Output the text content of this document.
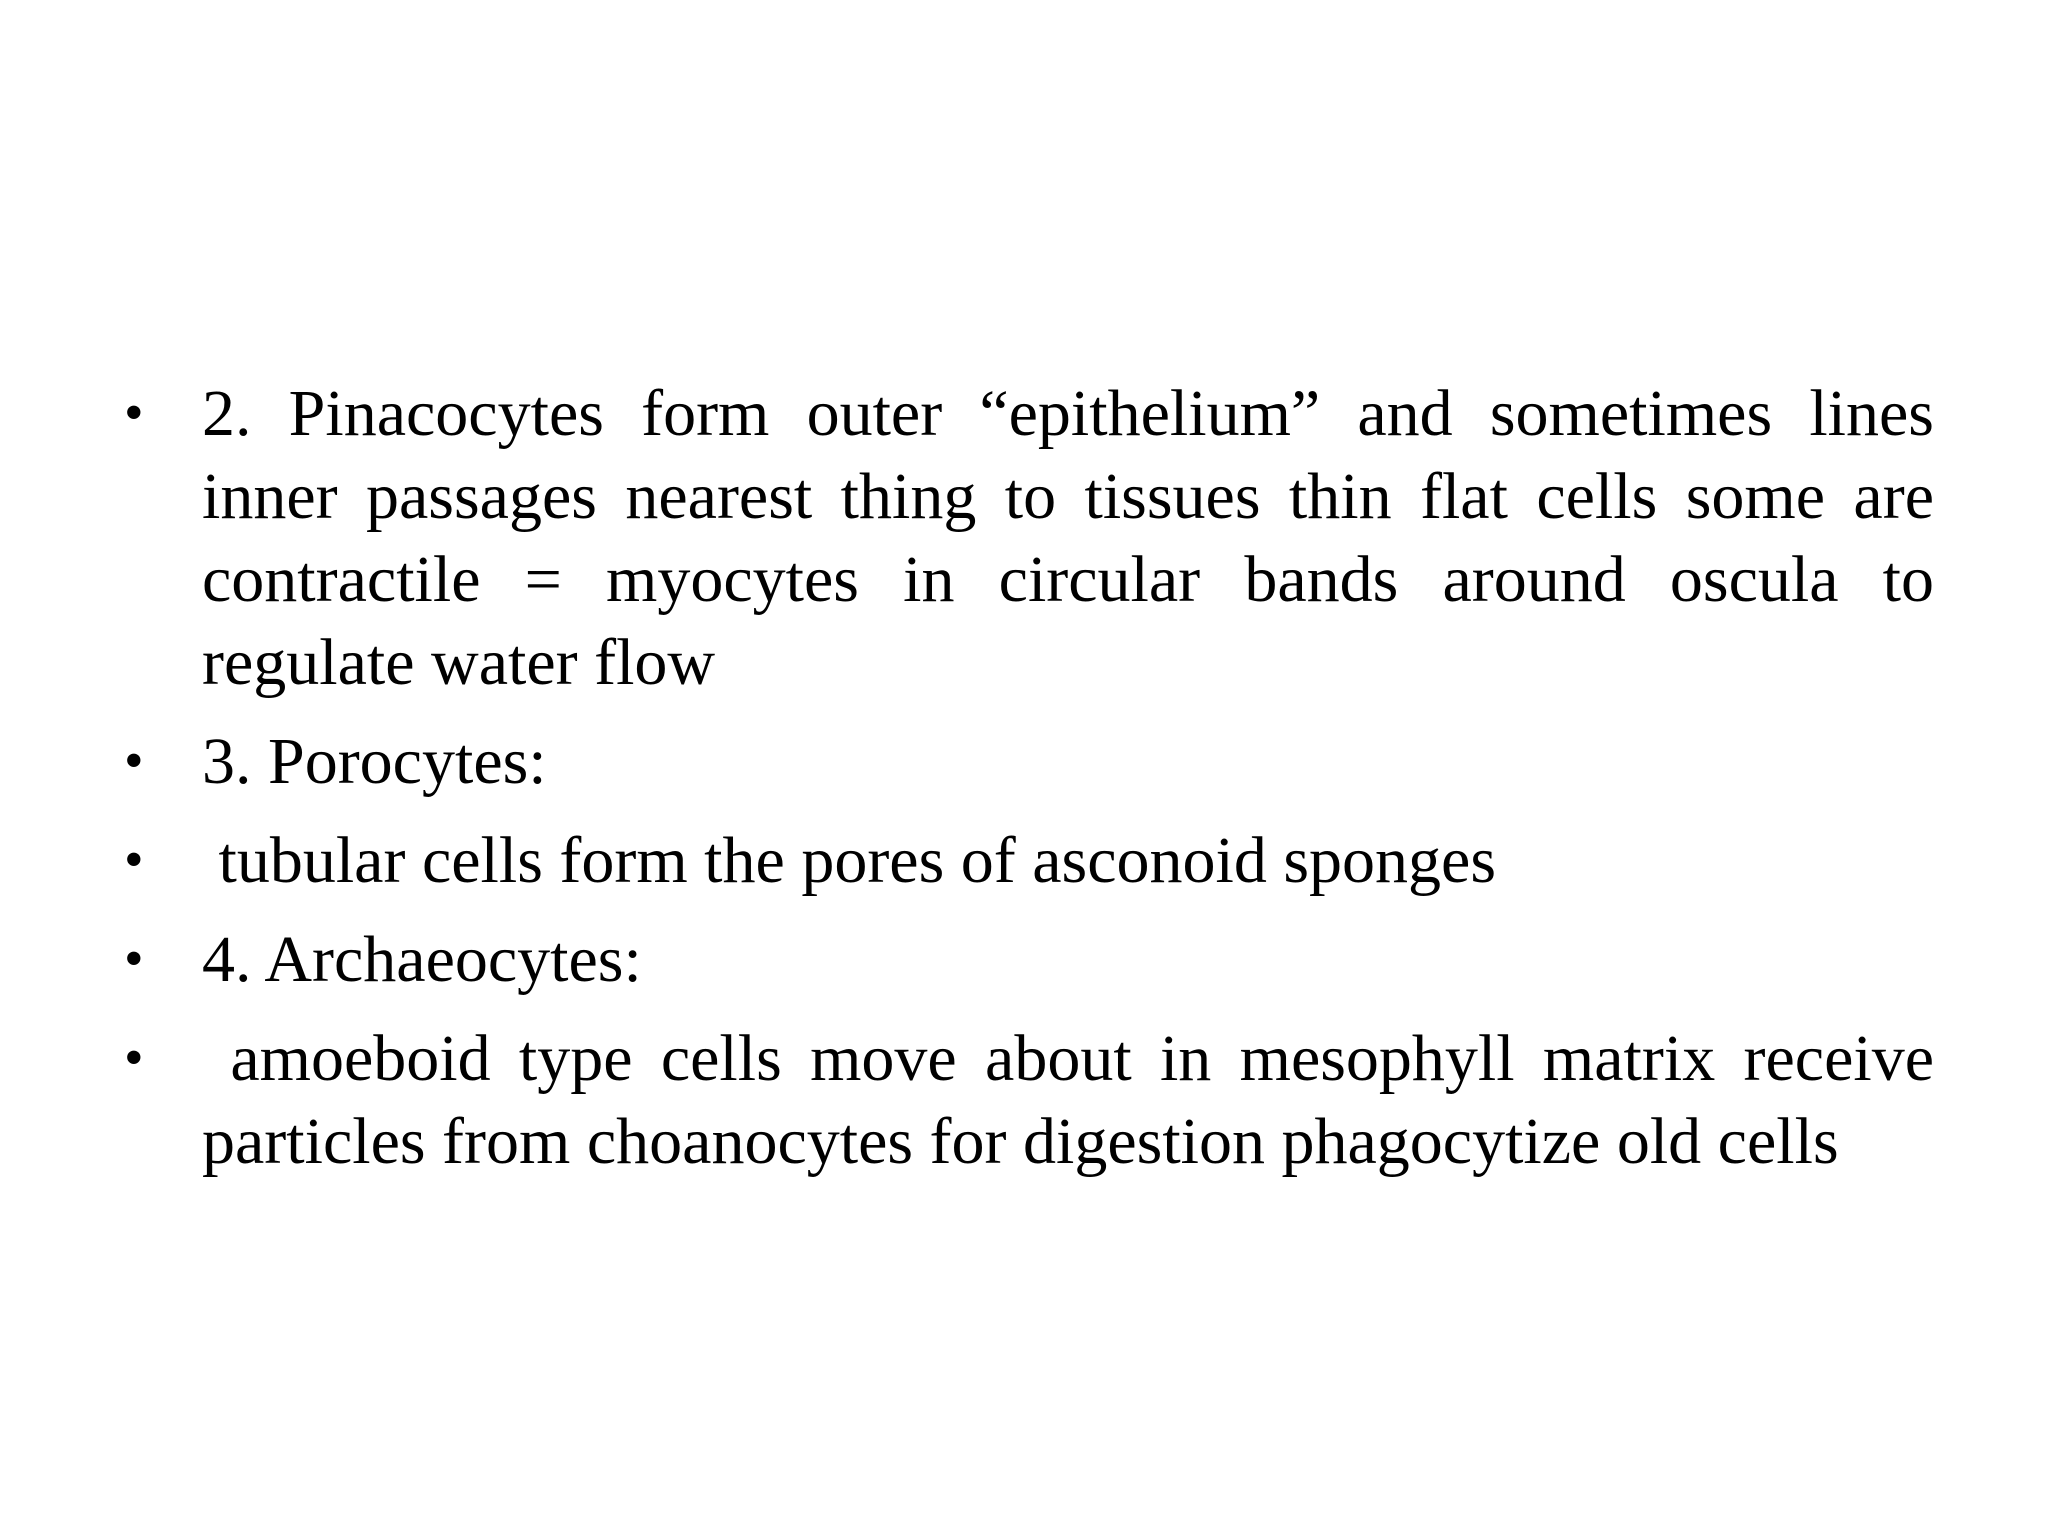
• 2. Pinacocytes form outer “epithelium” and sometimes lines inner passages nearest thing to tissues thin flat cells some are contractile = myocytes in circular bands around oscula to regulate water flow
• 3. Porocytes:
• tubular cells form the pores of asconoid sponges
• 4. Archaeocytes:
• amoeboid type cells move about in mesophyll matrix receive particles from choanocytes for digestion phagocytize old cells
